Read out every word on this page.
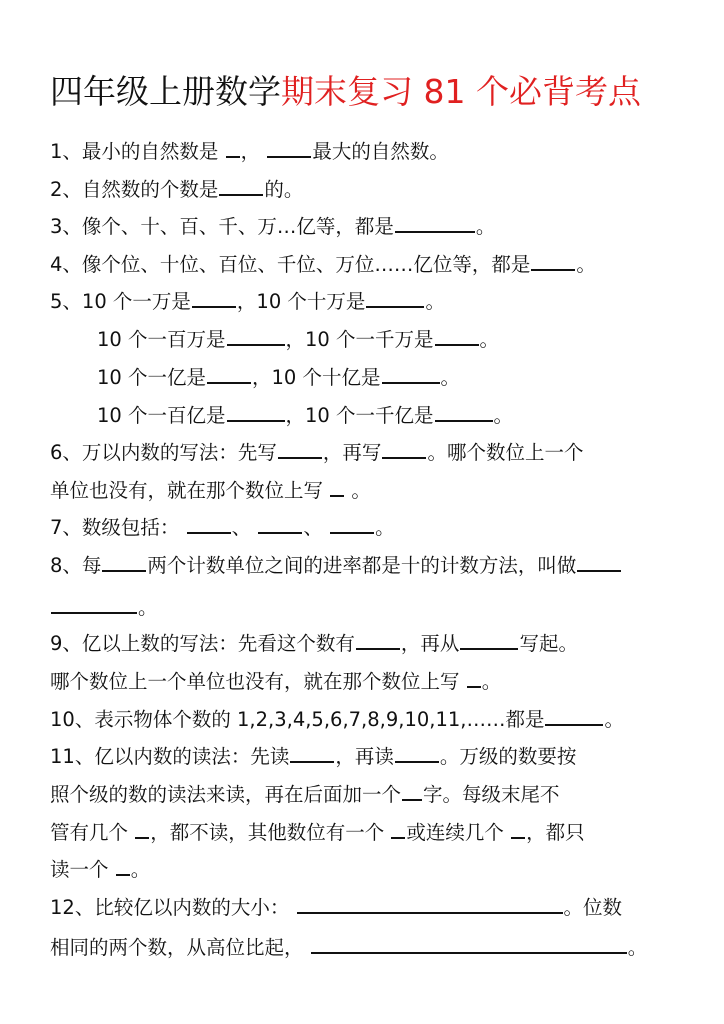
四年级上册数学期末复习 81 个必背考点
1、最小的自然数是 ，	最大的自然数。
2、自然数的个数是 的。
3、像个、十、百、千、万…亿等，都是	。
4、像个位、十位、百位、千位、万位……亿位等，都是 。
5、10 个一万是 ，10 个十万是	。
10 个一百万是	，10 个一千万是 。
10 个一亿是 ，10 个十亿是	。
10 个一百亿是	，10 个一千亿是	。
6、万以内数的写法：先写 ，再写 。哪个数位上一个
单位也没有，就在那个数位上写  。
7、数级包括：	、	、	。
8、每 两个计数单位之间的进率都是十的计数方法，叫做
。
9、亿以上数的写法：先看这个数有 ，再从	写起。
哪个数位上一个单位也没有，就在那个数位上写 。
10、表示物体个数的 1,2,3,4,5,6,7,8,9,10,11,……都是	。
11、亿以内数的读法：先读 ，再读 。万级的数要按
照个级的数的读法来读，再在后面加一个 字。每级末尾不
管有几个 ，都不读，其他数位有一个 或连续几个 ，都只
读一个 。
12、比较亿以内数的大小：	。位数
相同的两个数，从高位比起，	。
